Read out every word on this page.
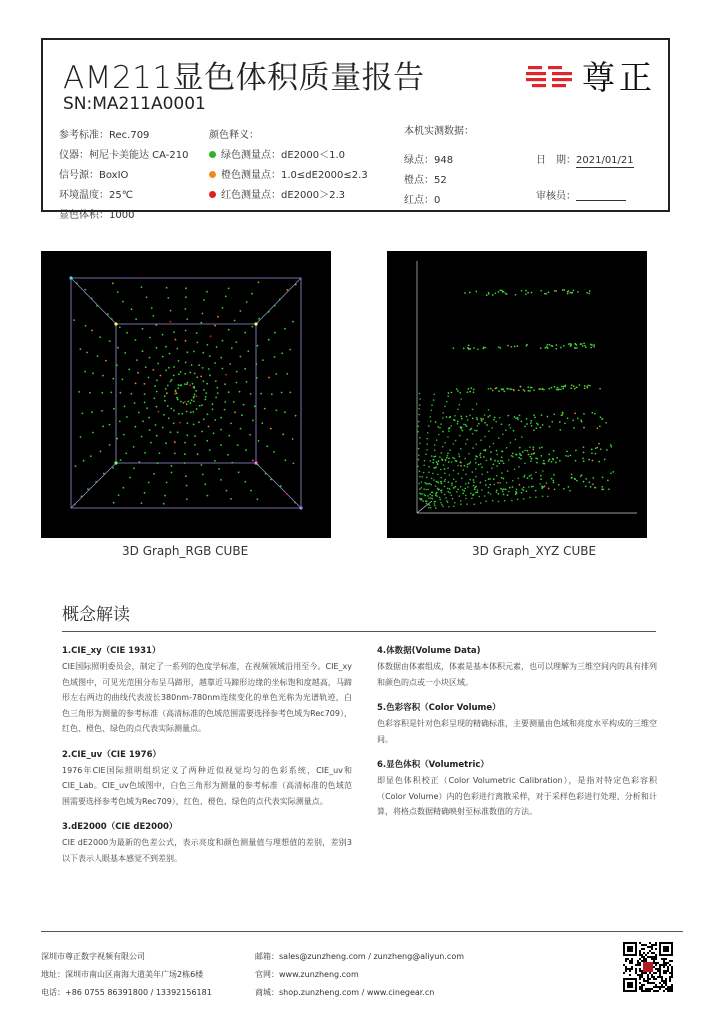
AM211显色体积质量报告
SN:MA211A0001
尊正
参考标准：Rec.709
仪器：柯尼卡美能达 CA-210
信号源：BoxIO
环境温度：25℃
显色体积：1000
颜色释义：
绿色测量点：dE2000＜1.0
橙色测量点：1.0≤dE2000≤2.3
红色测量点：dE2000＞2.3
本机实测数据：
绿点：948
橙点：52
红点：0
日　期：2021/01/21
审核员：
3D Graph_RGB CUBE	3D Graph_XYZ CUBE
概念解读
1.CIE_xy（CIE 1931）

CIE国际照明委员会，制定了一系列的色度学标准，在视频领域沿用至今。CIE_xy色域图中，可见光范围分布呈马蹄形，越靠近马蹄形边缘的坐标饱和度越高，马蹄形左右两边的曲线代表波长380nm-780nm连续变化的单色光称为光谱轨迹，白色三角形为测量的参考标准（高清标准的色域范围需要选择参考色域为Rec709），红色、橙色、绿色的点代表实际测量点。

2.CIE_uv（CIE 1976）

1976年CIE国际照明组织定义了两种近似视觉均匀的色彩系统，CIE_uv和CIE_Lab。CIE_uv色域图中，白色三角形为测量的参考标准（高清标准的色域范围需要选择参考色域为Rec709），红色、橙色、绿色的点代表实际测量点。

3.dE2000（CIE dE2000）

CIE dE2000为最新的色差公式，表示亮度和颜色测量值与理想值的差别，差别3以下表示人眼基本感觉不到差别。

4.体数据(Volume Data)

体数据由体素组成，体素是基本体积元素，也可以理解为三维空间内的具有排列和颜色的点或一小块区域。

5.色彩容积（Color Volume）

色彩容积是针对色彩呈现的精确标准，主要测量由色域和亮度水平构成的三维空间。

6.显色体积（Volumetric）

即显色体积校正（Color Volumetric Calibration），是指对特定色彩容积（Color Volume）内的色彩进行离散采样，对于采样色彩进行处理、分析和计算，将格点数据精确映射至标准数值的方法。

深圳市尊正数字视频有限公司
地址：深圳市南山区南海大道美年广场2栋6楼
电话：+86 0755 86391800 / 13392156181
邮箱：sales@zunzheng.com / zunzheng@aliyun.com
官网：www.zunzheng.com
商城：shop.zunzheng.com / www.cinegear.cn
